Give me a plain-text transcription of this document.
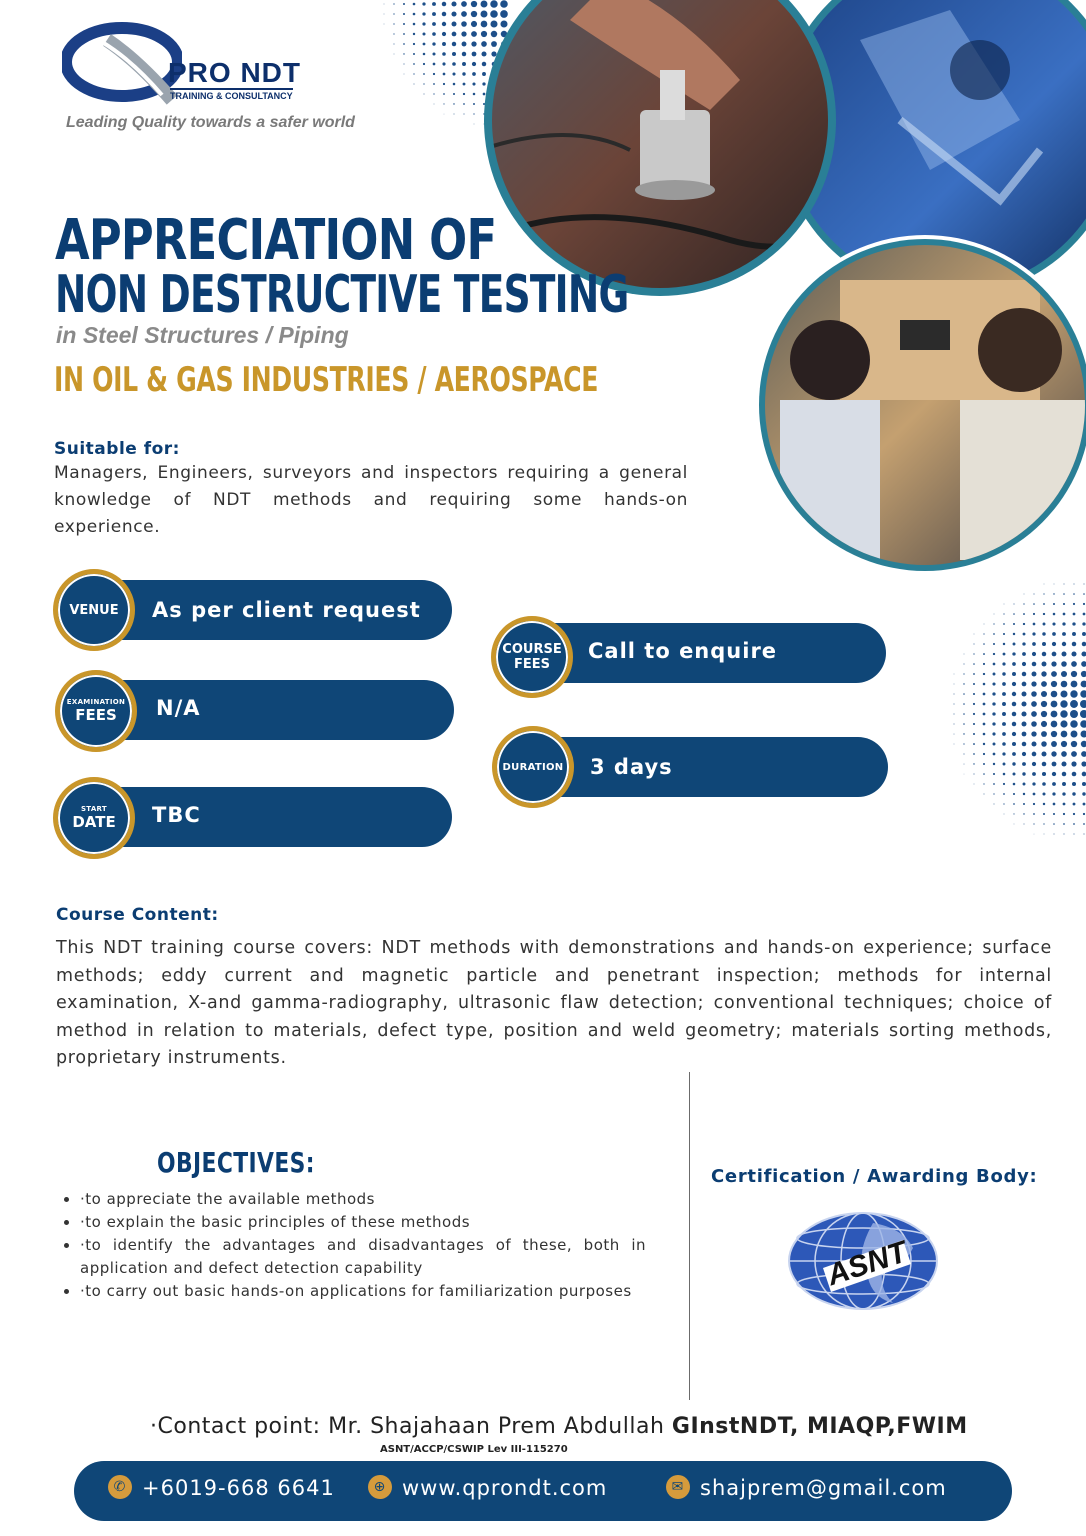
PRO NDT
TRAINING & CONSULTANCY
Leading Quality towards a safer world
APPRECIATION OF
NON DESTRUCTIVE TESTING
in Steel Structures / Piping
IN OIL & GAS INDUSTRIES / AEROSPACE
Suitable for:
Managers, Engineers, surveyors and inspectors requiring a general knowledge of NDT methods and requiring some hands-on experience.
As per client request
VENUE
N/A
EXAMINATION
FEES
TBC
START
DATE
Call to enquire
COURSE
FEES
3 days
DURATION
Course Content:
This NDT training course covers: NDT methods with demonstrations and hands-on experience; surface methods; eddy current and magnetic particle and penetrant inspection; methods for internal examination, X-and gamma-radiography, ultrasonic flaw detection; conventional techniques; choice of method in relation to materials, defect type, position and weld geometry; materials sorting methods, proprietary instruments.
OBJECTIVES:
• ·to appreciate the available methods
• ·to explain the basic principles of these methods
• ·to identify the advantages and disadvantages of these, both in application and defect detection capability
• ·to carry out basic hands-on applications for familiarization purposes
Certification / Awarding Body:
ASNT
·Contact point: Mr. Shajahaan Prem Abdullah GInstNDT, MIAQP,FWIM
ASNT/ACCP/CSWIP Lev III-115270
✆ +6019-668 6641	⊕ www.qprondt.com	✉ shajprem@gmail.com
